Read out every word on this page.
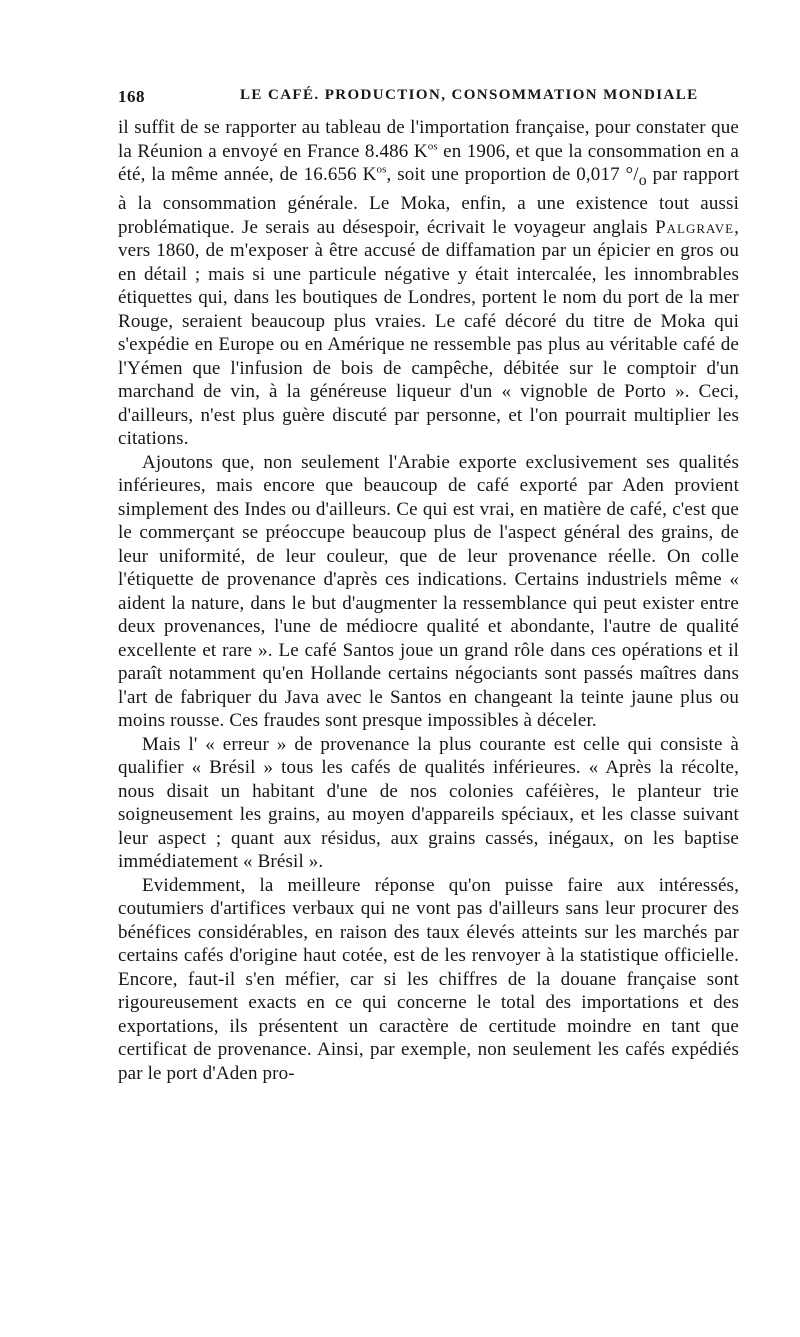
168	LE CAFÉ. PRODUCTION, CONSOMMATION MONDIALE

il suffit de se rapporter au tableau de l'importation française, pour constater que la Réunion a envoyé en France 8.486 $K^{os}$ en 1906, et que la consommation en a été, la même année, de 16.656 $K^{os}$, soit une proportion de 0,017 $^\circ/_o$ par rapport à la consommation générale. Le Moka, enfin, a une existence tout aussi problématique. Je serais au désespoir, écrivait le voyageur anglais Palgrave, vers 1860, de m'exposer à être accusé de diffamation par un épicier en gros ou en détail ; mais si une particule négative y était intercalée, les innombrables étiquettes qui, dans les boutiques de Londres, portent le nom du port de la mer Rouge, seraient beaucoup plus vraies. Le café décoré du titre de Moka qui s'expédie en Europe ou en Amérique ne ressemble pas plus au véritable café de l'Yémen que l'infusion de bois de campêche, débitée sur le comptoir d'un marchand de vin, à la généreuse liqueur d'un « vignoble de Porto ». Ceci, d'ailleurs, n'est plus guère discuté par personne, et l'on pourrait multiplier les citations.

Ajoutons que, non seulement l'Arabie exporte exclusivement ses qualités inférieures, mais encore que beaucoup de café exporté par Aden provient simplement des Indes ou d'ailleurs. Ce qui est vrai, en matière de café, c'est que le commerçant se préoccupe beaucoup plus de l'aspect général des grains, de leur uniformité, de leur couleur, que de leur provenance réelle. On colle l'étiquette de provenance d'après ces indications. Certains industriels même « aident la nature, dans le but d'augmenter la ressemblance qui peut exister entre deux provenances, l'une de médiocre qualité et abondante, l'autre de qualité excellente et rare ». Le café Santos joue un grand rôle dans ces opérations et il paraît notamment qu'en Hollande certains négociants sont passés maîtres dans l'art de fabriquer du Java avec le Santos en changeant la teinte jaune plus ou moins rousse. Ces fraudes sont presque impossibles à déceler.

Mais l' « erreur » de provenance la plus courante est celle qui consiste à qualifier « Brésil » tous les cafés de qualités inférieures. « Après la récolte, nous disait un habitant d'une de nos colonies caféières, le planteur trie soigneusement les grains, au moyen d'appareils spéciaux, et les classe suivant leur aspect ; quant aux résidus, aux grains cassés, inégaux, on les baptise immédiatement « Brésil ».

Evidemment, la meilleure réponse qu'on puisse faire aux intéressés, coutumiers d'artifices verbaux qui ne vont pas d'ailleurs sans leur procurer des bénéfices considérables, en raison des taux élevés atteints sur les marchés par certains cafés d'origine haut cotée, est de les renvoyer à la statistique officielle. Encore, faut-il s'en méfier, car si les chiffres de la douane française sont rigoureusement exacts en ce qui concerne le total des importations et des exportations, ils présentent un caractère de certitude moindre en tant que certificat de provenance. Ainsi, par exemple, non seulement les cafés expédiés par le port d'Aden pro-
